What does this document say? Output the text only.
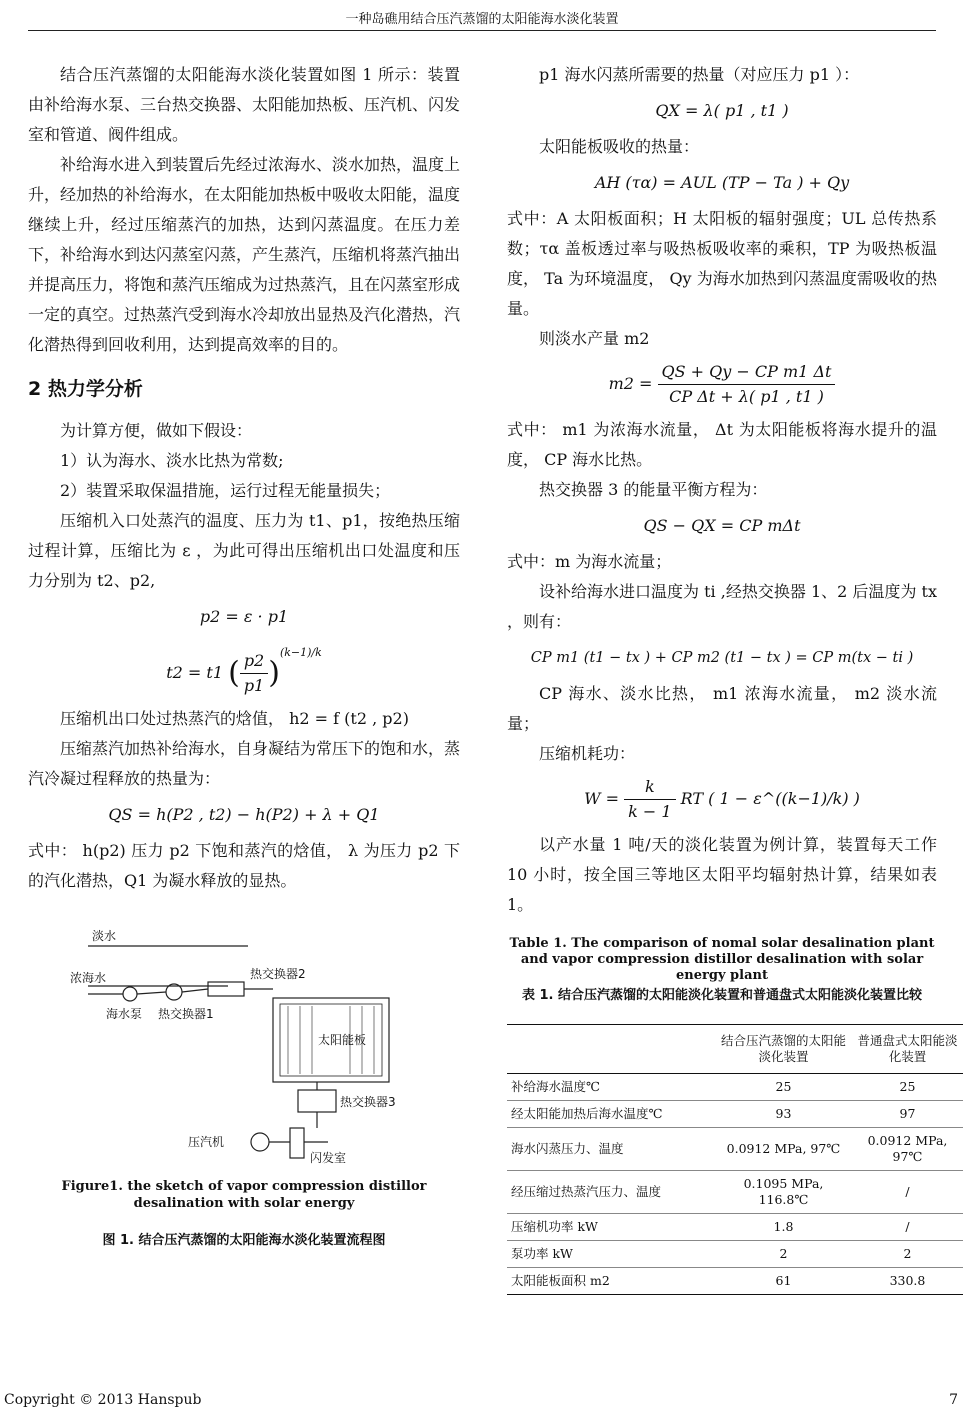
一种岛礁用结合压汽蒸馏的太阳能海水淡化装置

结合压汽蒸馏的太阳能海水淡化装置如图 1 所示：装置由补给海水泵、三台热交换器、太阳能加热板、压汽机、闪发室和管道、阀件组成。

补给海水进入到装置后先经过浓海水、淡水加热，温度上升，经加热的补给海水，在太阳能加热板中吸收太阳能，温度继续上升，经过压缩蒸汽的加热，达到闪蒸温度。在压力差下，补给海水到达闪蒸室闪蒸，产生蒸汽，压缩机将蒸汽抽出并提高压力，将饱和蒸汽压缩成为过热蒸汽，且在闪蒸室形成一定的真空。过热蒸汽受到海水冷却放出显热及汽化潜热，汽化潜热得到回收利用，达到提高效率的目的。

2 热力学分析

为计算方便，做如下假设：

1）认为海水、淡水比热为常数;

2）装置采取保温措施，运行过程无能量损失；

压缩机入口处蒸汽的温度、压力为 t1、p1，按绝热压缩过程计算，压缩比为 ε ，为此可得出压缩机出口处温度和压力分别为 t2、p2,

p2 = ε · p1
t2 = t1 ( $\frac{p2}{p1} )^{(k-1)/k}$

压缩机出口处过热蒸汽的焓值， h2 = f (t2 , p2)

压缩蒸汽加热补给海水，自身凝结为常压下的饱和水，蒸汽冷凝过程释放的热量为：

QS = h(P2 , t2) − h(P2) + λ + Q1

式中： h(p2) 压力 p2 下饱和蒸汽的焓值， λ 为压力 p2 下的汽化潜热，Q1 为凝水释放的显热。

淡水
浓海水
海水泵 热交换器1
热交换器2
太阳能板
热交换器3
压汽机
闪发室
Figure1. the sketch of vapor compression distillor desalination with solar energy
图 1. 结合压汽蒸馏的太阳能海水淡化装置流程图

p1 海水闪蒸所需要的热量（对应压力 p1 ）：

QX = λ( p1 , t1 )

太阳能板吸收的热量：

AH (τα) = AUL (TP − Ta ) + Qy

式中：A 太阳板面积；H 太阳板的辐射强度；UL 总传热系数；τα 盖板透过率与吸热板吸收率的乘积，TP 为吸热板温度， Ta 为环境温度， Qy 为海水加热到闪蒸温度需吸收的热量。

则淡水产量 m2

$m2 = \frac{\text{QS + Qy − CP m1 Δt}}{\text{CP Δt + λ( p1 , t1 )}}$

式中： m1 为浓海水流量， Δt 为太阳能板将海水提升的温度， CP 海水比热。

热交换器 3 的能量平衡方程为：

QS − QX = CP mΔt

式中：m 为海水流量；

设补给海水进口温度为 ti ,经热交换器 1、2 后温度为 tx ，则有：

CP m1 (t1 − tx ) + CP m2 (t1 − tx ) = CP m(tx − ti )

CP 海水、淡水比热， m1 浓海水流量， m2 淡水流量；

压缩机耗功：

$W = \frac{k}{k - 1}$ RT ( 1 − ε^((k−1)/k) )

以产水量 1 吨/天的淡化装置为例计算，装置每天工作 10 小时，按全国三等地区太阳平均辐射热计算，结果如表 1。

Table 1. The comparison of nomal solar desalination plant and vapor compression distillor desalination with solar energy plant
表 1. 结合压汽蒸馏的太阳能淡化装置和普通盘式太阳能淡化装置比较
	结合压汽蒸馏的太阳能淡化装置	普通盘式太阳能淡化装置
补给海水温度℃	25	25
经太阳能加热后海水温度℃	93	97
海水闪蒸压力、温度	0.0912 MPa, 97℃	0.0912 MPa, 97℃
经压缩过热蒸汽压力、温度	0.1095 MPa, 116.8℃	/
压缩机功率 kW	1.8	/
泵功率 kW	2	2
太阳能板面积 m2	61	330.8
Copyright © 2013 Hanspub	7
